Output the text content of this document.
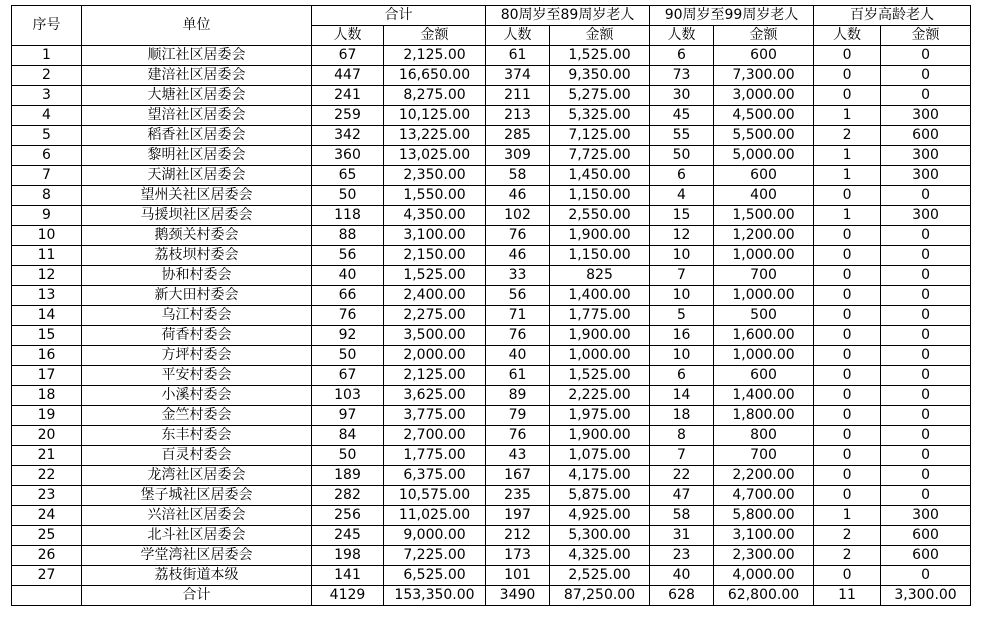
序号	单位	合计		80周岁至89周岁老人		90周岁至99周岁老人		百岁高龄老人	
		人数	金额	人数	金额	人数	金额	人数	金额
1	顺江社区居委会	67	2,125.00	61	1,525.00	6	600	0	0
2	建涪社区居委会	447	16,650.00	374	9,350.00	73	7,300.00	0	0
3	大塘社区居委会	241	8,275.00	211	5,275.00	30	3,000.00	0	0
4	望涪社区居委会	259	10,125.00	213	5,325.00	45	4,500.00	1	300
5	稻香社区居委会	342	13,225.00	285	7,125.00	55	5,500.00	2	600
6	黎明社区居委会	360	13,025.00	309	7,725.00	50	5,000.00	1	300
7	天湖社区居委会	65	2,350.00	58	1,450.00	6	600	1	300
8	望州关社区居委会	50	1,550.00	46	1,150.00	4	400	0	0
9	马援坝社区居委会	118	4,350.00	102	2,550.00	15	1,500.00	1	300
10	鹅颈关村委会	88	3,100.00	76	1,900.00	12	1,200.00	0	0
11	荔枝坝村委会	56	2,150.00	46	1,150.00	10	1,000.00	0	0
12	协和村委会	40	1,525.00	33	825	7	700	0	0
13	新大田村委会	66	2,400.00	56	1,400.00	10	1,000.00	0	0
14	乌江村委会	76	2,275.00	71	1,775.00	5	500	0	0
15	荷香村委会	92	3,500.00	76	1,900.00	16	1,600.00	0	0
16	方坪村委会	50	2,000.00	40	1,000.00	10	1,000.00	0	0
17	平安村委会	67	2,125.00	61	1,525.00	6	600	0	0
18	小溪村委会	103	3,625.00	89	2,225.00	14	1,400.00	0	0
19	金竺村委会	97	3,775.00	79	1,975.00	18	1,800.00	0	0
20	东丰村委会	84	2,700.00	76	1,900.00	8	800	0	0
21	百灵村委会	50	1,775.00	43	1,075.00	7	700	0	0
22	龙湾社区居委会	189	6,375.00	167	4,175.00	22	2,200.00	0	0
23	堡子城社区居委会	282	10,575.00	235	5,875.00	47	4,700.00	0	0
24	兴涪社区居委会	256	11,025.00	197	4,925.00	58	5,800.00	1	300
25	北斗社区居委会	245	9,000.00	212	5,300.00	31	3,100.00	2	600
26	学堂湾社区居委会	198	7,225.00	173	4,325.00	23	2,300.00	2	600
27	荔枝街道本级	141	6,525.00	101	2,525.00	40	4,000.00	0	0
	合计	4129	153,350.00	3490	87,250.00	628	62,800.00	11	3,300.00
